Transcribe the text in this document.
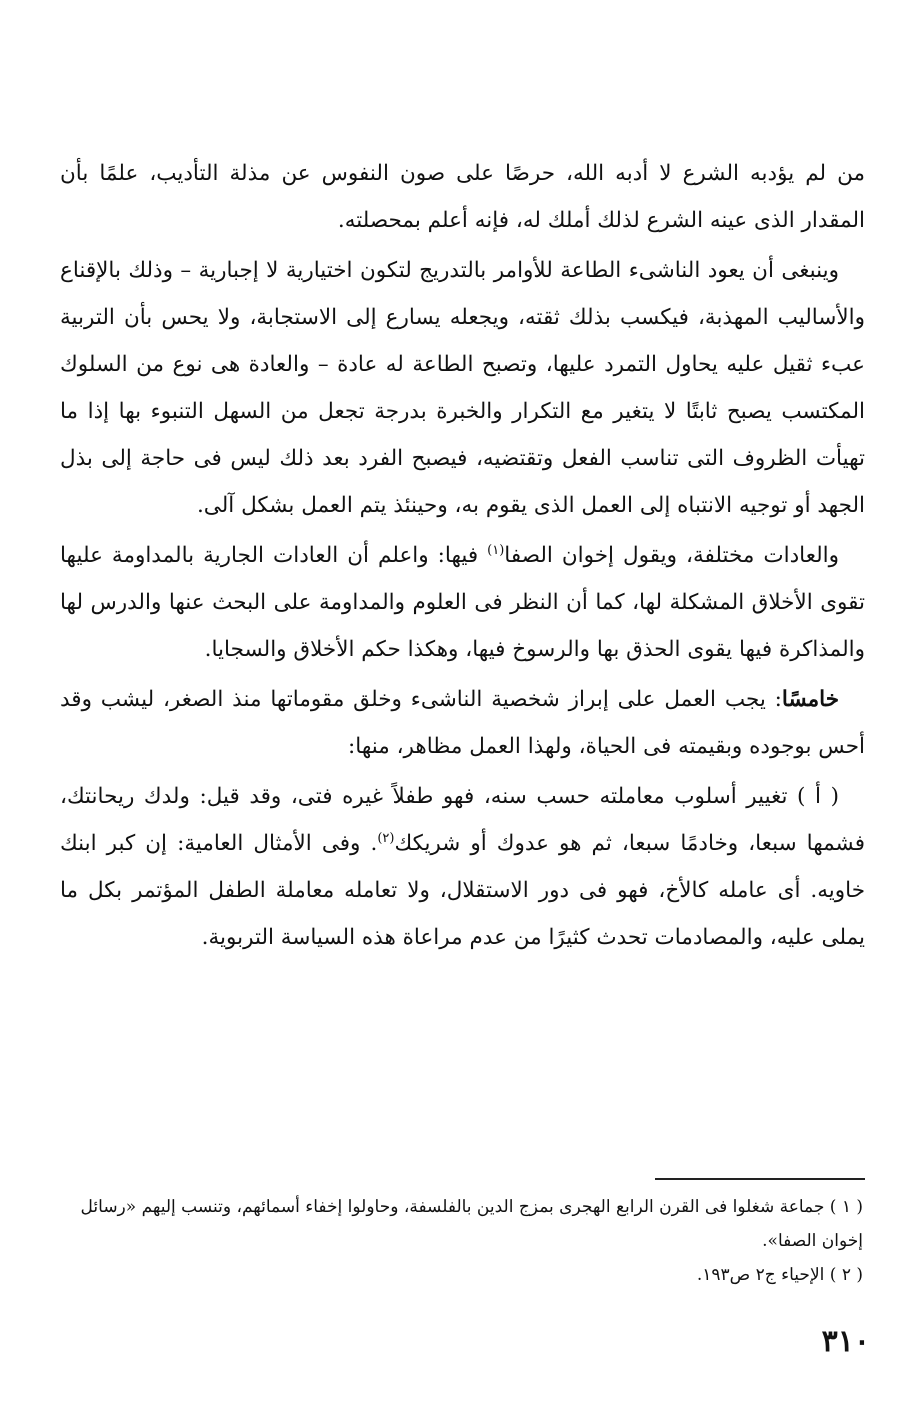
من لم يؤدبه الشرع لا أدبه الله، حرصًا على صون النفوس عن مذلة التأديب، علمًا بأن المقدار الذى عينه الشرع لذلك أملك له، فإنه أعلم بمحصلته.

وينبغى أن يعود الناشىء الطاعة للأوامر بالتدريج لتكون اختيارية لا إجبارية – وذلك بالإقناع والأساليب المهذبة، فيكسب بذلك ثقته، ويجعله يسارع إلى الاستجابة، ولا يحس بأن التربية عبء ثقيل عليه يحاول التمرد عليها، وتصبح الطاعة له عادة – والعادة هى نوع من السلوك المكتسب يصبح ثابتًا لا يتغير مع التكرار والخبرة بدرجة تجعل من السهل التنبوء بها إذا ما تهيأت الظروف التى تناسب الفعل وتقتضيه، فيصبح الفرد بعد ذلك ليس فى حاجة إلى بذل الجهد أو توجيه الانتباه إلى العمل الذى يقوم به، وحينئذ يتم العمل بشكل آلى.

والعادات مختلفة، ويقول إخوان الصفا$^{(١)}$ فيها: واعلم أن العادات الجارية بالمداومة عليها تقوى الأخلاق المشكلة لها، كما أن النظر فى العلوم والمداومة على البحث عنها والدرس لها والمذاكرة فيها يقوى الحذق بها والرسوخ فيها، وهكذا حكم الأخلاق والسجايا.

خامسًا: يجب العمل على إبراز شخصية الناشىء وخلق مقوماتها منذ الصغر، ليشب وقد أحس بوجوده وبقيمته فى الحياة، ولهذا العمل مظاهر، منها:

( أ ) تغيير أسلوب معاملته حسب سنه، فهو طفلاً غيره فتى، وقد قيل: ولدك ريحانتك، فشمها سبعا، وخادمًا سبعا، ثم هو عدوك أو شريكك$^{(٢)}$. وفى الأمثال العامية: إن كبر ابنك خاويه. أى عامله كالأخ، فهو فى دور الاستقلال، ولا تعامله معاملة الطفل المؤتمر بكل ما يملى عليه، والمصادمات تحدث كثيرًا من عدم مراعاة هذه السياسة التربوية.

( ١ ) جماعة شغلوا فى القرن الرابع الهجرى بمزج الدين بالفلسفة، وحاولوا إخفاء أسمائهم، وتنسب إليهم «رسائل إخوان الصفا».

( ٢ ) الإحياء ج٢ ص١٩٣.

٣١٠
